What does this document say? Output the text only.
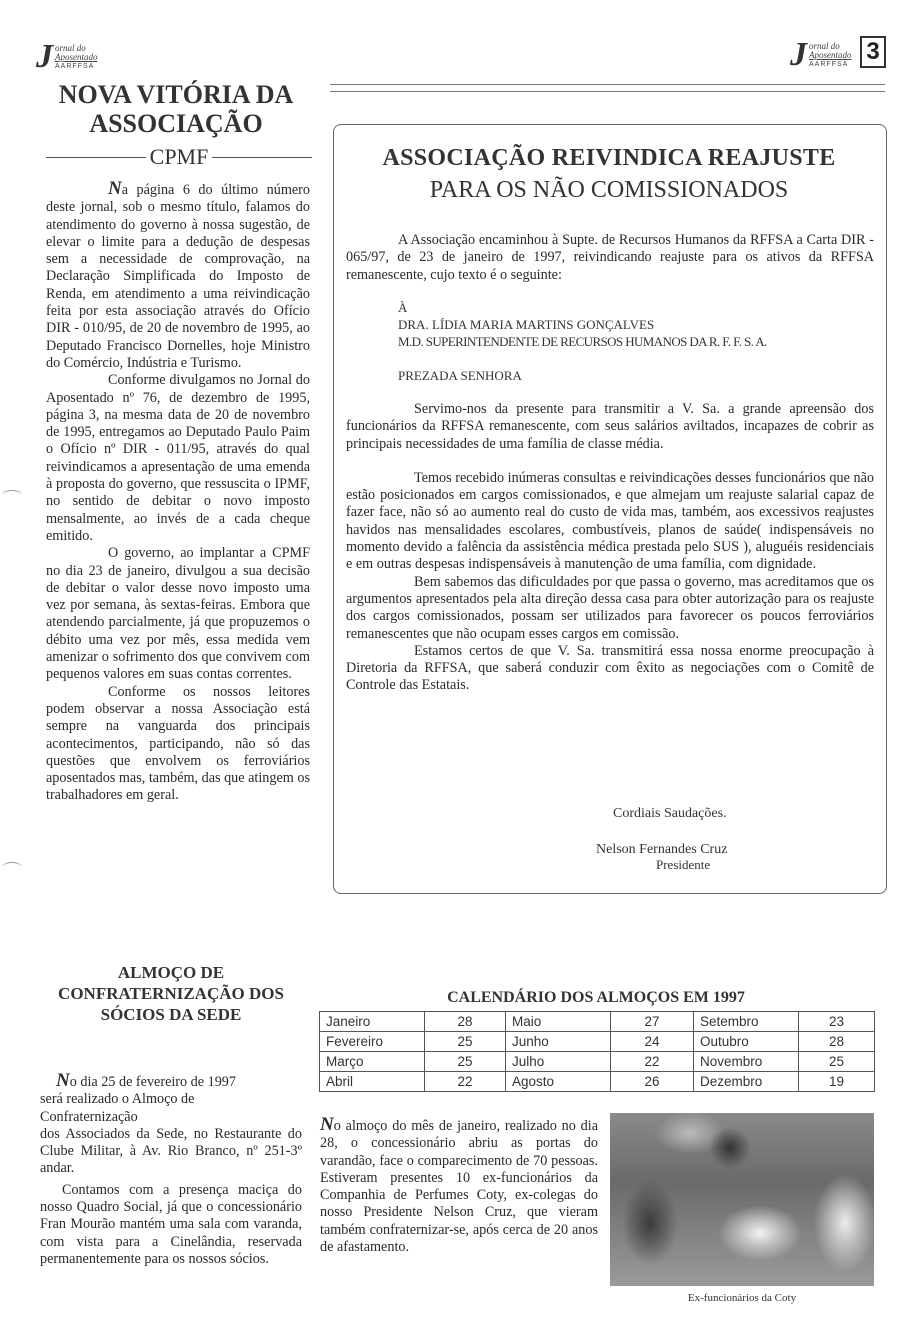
J ornal do
Aposentado
AARFFSA	J ornal do
Aposentado
AARFFSA 3
NOVA VITÓRIA DA
ASSOCIAÇÃO
CPMF

Na página 6 do último número deste jornal, sob o mesmo título, falamos do atendimento do governo à nossa sugestão, de elevar o limite para a dedução de despesas sem a necessidade de comprovação, na Declaração Simplificada do Imposto de Renda, em atendimento a uma reivindicação feita por esta associação através do Ofício DIR - 010/95, de 20 de novembro de 1995, ao Deputado Francisco Dornelles, hoje Ministro do Comércio, Indústria e Turismo.

Conforme divulgamos no Jornal do Aposentado nº 76, de dezembro de 1995, página 3, na mesma data de 20 de novembro de 1995, entregamos ao Deputado Paulo Paim o Ofício nº DIR - 011/95, através do qual reivindicamos a apresentação de uma emenda à proposta do governo, que ressuscita o IPMF, no sentido de debitar o novo imposto mensalmente, ao invés de a cada cheque emitido.

O governo, ao implantar a CPMF no dia 23 de janeiro, divulgou a sua decisão de debitar o valor desse novo imposto uma vez por semana, às sextas-feiras. Embora que atendendo parcialmente, já que propuzemos o débito uma vez por mês, essa medida vem amenizar o sofrimento dos que convivem com pequenos valores em suas contas correntes.

Conforme os nossos leitores podem observar a nossa Associação está sempre na vanguarda dos principais acontecimentos, participando, não só das questões que envolvem os ferroviários aposentados mas, também, das que atingem os trabalhadores em geral.

ASSOCIAÇÃO REIVINDICA REAJUSTE
PARA OS NÃO COMISSIONADOS

A Associação encaminhou à Supte. de Recursos Humanos da RFFSA a Carta DIR - 065/97, de 23 de janeiro de 1997, reivindicando reajuste para os ativos da RFFSA remanescente, cujo texto é o seguinte:

À
DRA. LÍDIA MARIA MARTINS GONÇALVES
M.D. SUPERINTENDENTE DE RECURSOS HUMANOS DA R. F. F. S. A.
PREZADA SENHORA

Servimo-nos da presente para transmitir a V. Sa. a grande apreensão dos funcionários da RFFSA remanescente, com seus salários aviltados, incapazes de cobrir as principais necessidades de uma família de classe média.

Temos recebido inúmeras consultas e reivindicações desses funcionários que não estão posicionados em cargos comissionados, e que almejam um reajuste salarial capaz de fazer face, não só ao aumento real do custo de vida mas, também, aos excessivos reajustes havidos nas mensalidades escolares, combustíveis, planos de saúde( indispensáveis no momento devido a falência da assistência médica prestada pelo SUS ), aluguéis residenciais e em outras despesas indispensáveis à manutenção de uma família, com dignidade.

Bem sabemos das dificuldades por que passa o governo, mas acreditamos que os argumentos apresentados pela alta direção dessa casa para obter autorização para os reajuste dos cargos comissionados, possam ser utilizados para favorecer os poucos ferroviários remanescentes que não ocupam esses cargos em comissão.

Estamos certos de que V. Sa. transmitirá essa nossa enorme preocupação à Diretoria da RFFSA, que saberá conduzir com êxito as negociações com o Comitê de Controle das Estatais.

Cordiais Saudações.
Nelson Fernandes Cruz
Presidente
ALMOÇO DE
CONFRATERNIZAÇÃO DOS
SÓCIOS DA SEDE
No dia 25 de fevereiro de 1997
será realizado o Almoço de
Confraternização

dos Associados da Sede, no Restaurante do Clube Militar, à Av. Rio Branco, nº 251-3º andar.

Contamos com a presença maciça do nosso Quadro Social, já que o concessionário Fran Mourão mantém uma sala com varanda, com vista para a Cinelândia, reservada permanentemente para os nossos sócios.

CALENDÁRIO DOS ALMOÇOS EM 1997
Janeiro	28	Maio	27	Setembro	23
Fevereiro	25	Junho	24	Outubro	28
Março	25	Julho	22	Novembro	25
Abril	22	Agosto	26	Dezembro	19

No almoço do mês de janeiro, realizado no dia 28, o concessionário abriu as portas do varandão, face o comparecimento de 70 pessoas. Estiveram presentes 10 ex-funcionários da Companhia de Perfumes Coty, ex-colegas do nosso Presidente Nelson Cruz, que vieram também confraternizar-se, após cerca de 20 anos de afastamento.

Ex-funcionários da Coty
